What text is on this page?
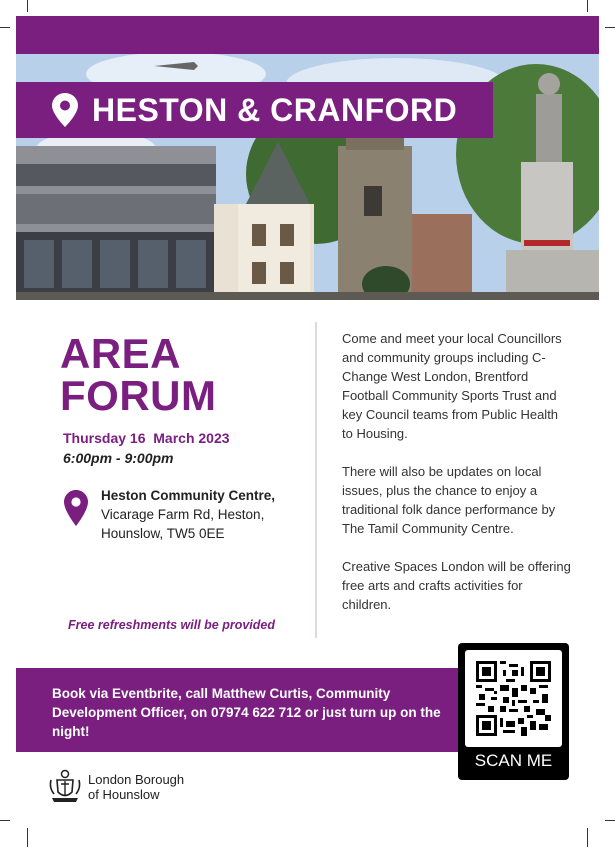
HESTON & CRANFORD
AREA
FORUM
Thursday 16  March 2023
6:00pm - 9:00pm
Heston Community Centre,
Vicarage Farm Rd, Heston,
Hounslow, TW5 0EE
Free refreshments will be provided

Come and meet your local Councillors and community groups including C-Change West London, Brentford Football Community Sports Trust and key Council teams from Public Health to Housing.

There will also be updates on local issues, plus the chance to enjoy a traditional folk dance performance by The Tamil Community Centre.

Creative Spaces London will be offering free arts and crafts activities for children.

Book via Eventbrite, call Matthew Curtis, Community Development Officer, on 07974 622 712 or just turn up on the night!
SCAN ME
London Borough
of Hounslow
